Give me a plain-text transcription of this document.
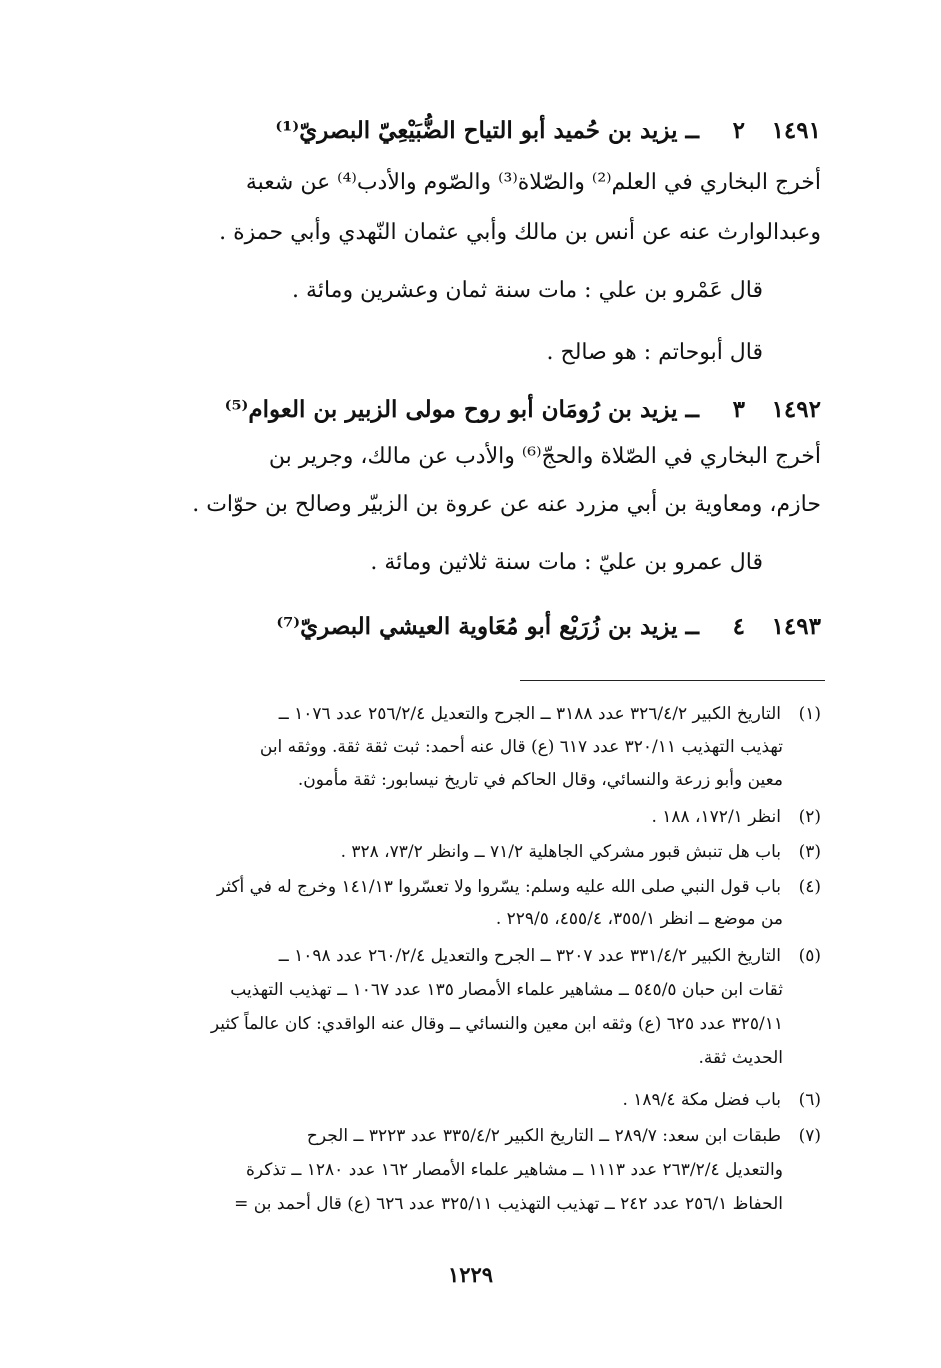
١٤٩١٢ــ يزيد بن حُميد أبو التياح الضُّبَيْعِيّ البصريّ⁽¹⁾
أخرج البخاري في العلم⁽²⁾ والصّلاة⁽³⁾ والصّوم والأدب⁽⁴⁾ عن شعبة
وعبدالوارث عنه عن أنس بن مالك وأبي عثمان النّهدي وأبي حمزة .
قال عَمْرو بن علي : مات سنة ثمان وعشرين ومائة .
قال أبوحاتم : هو صالح .
١٤٩٢٣ــ يزيد بن رُومَان أبو روح مولى الزبير بن العوام⁽⁵⁾
أخرج البخاري في الصّلاة والحجّ⁽⁶⁾ والأدب عن مالك، وجرير بن
حازم، ومعاوية بن أبي مزرد عنه عن عروة بن الزبيّر وصالح بن حوّات .
قال عمرو بن عليّ : مات سنة ثلاثين ومائة .
١٤٩٣٤ــ يزيد بن زُرَيْع أبو مُعَاوية العيشي البصريّ⁽⁷⁾
(١)التاريخ الكبير ٣٢٦/٤/٢ عدد ٣١٨٨ ــ الجرح والتعديل ٢٥٦/٢/٤ عدد ١٠٧٦ ــ
تهذيب التهذيب ٣٢٠/١١ عدد ٦١٧ (ع) قال عنه أحمد: ثبت ثقة ثقة. ووثقه ابن
معين وأبو زرعة والنسائي، وقال الحاكم في تاريخ نيسابور: ثقة مأمون.
(٢)انظر ١٧٢/١، ١٨٨ .
(٣)باب هل تنبش قبور مشركي الجاهلية ٧١/٢ ــ وانظر ٧٣/٢، ٣٢٨ .
(٤)باب قول النبي صلى الله عليه وسلم: يسّروا ولا تعسّروا ١٤١/١٣ وخرج له في أكثر
من موضع ــ انظر ٣٥٥/١، ٤٥٥/٤، ٢٢٩/٥ .
(٥)التاريخ الكبير ٣٣١/٤/٢ عدد ٣٢٠٧ ــ الجرح والتعديل ٢٦٠/٢/٤ عدد ١٠٩٨ ــ
ثقات ابن حبان ٥٤٥/٥ ــ مشاهير علماء الأمصار ١٣٥ عدد ١٠٦٧ ــ تهذيب التهذيب
٣٢٥/١١ عدد ٦٢٥ (ع) وثقه ابن معين والنسائي ــ وقال عنه الواقدي: كان عالماً كثير
الحديث ثقة.
(٦)باب فضل مكة ١٨٩/٤ .
(٧)طبقات ابن سعد: ٢٨٩/٧ ــ التاريخ الكبير ٣٣٥/٤/٢ عدد ٣٢٢٣ ــ الجرح
والتعديل ٢٦٣/٢/٤ عدد ١١١٣ ــ مشاهير علماء الأمصار ١٦٢ عدد ١٢٨٠ ــ تذكرة
الحفاظ ٢٥٦/١ عدد ٢٤٢ ــ تهذيب التهذيب ٣٢٥/١١ عدد ٦٢٦ (ع) قال أحمد بن =
١٢٢٩
